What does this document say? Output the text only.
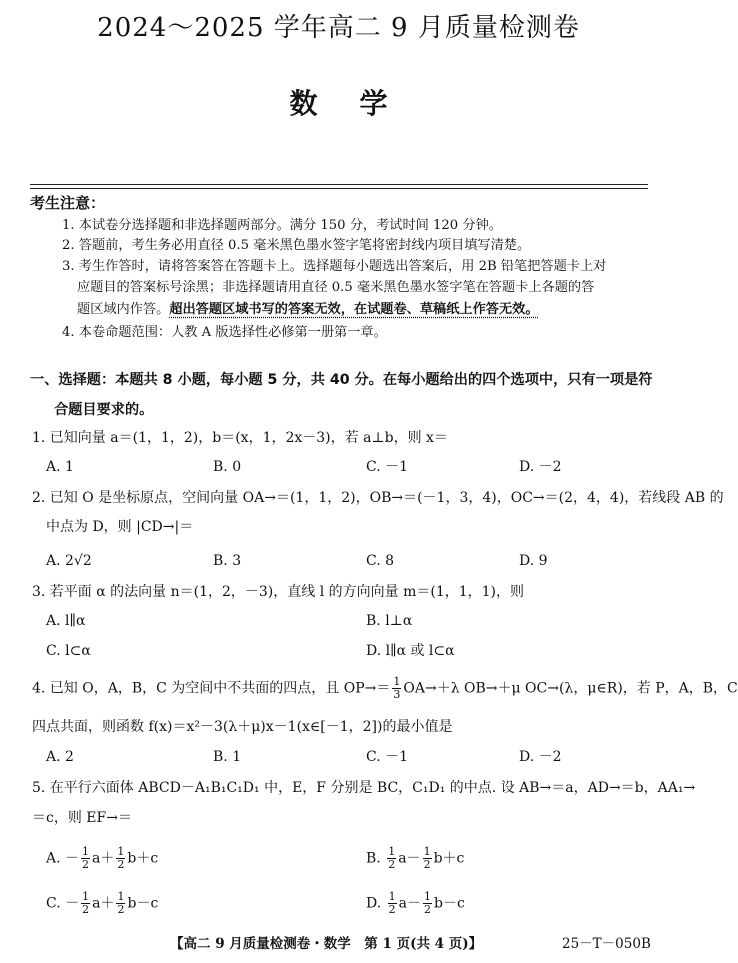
2024～2025 学年高二 9 月质量检测卷
数学
考生注意：
1. 本试卷分选择题和非选择题两部分。满分 150 分，考试时间 120 分钟。
2. 答题前，考生务必用直径 0.5 毫米黑色墨水签字笔将密封线内项目填写清楚。
3. 考生作答时，请将答案答在答题卡上。选择题每小题选出答案后，用 2B 铅笔把答题卡上对
应题目的答案标号涂黑；非选择题请用直径 0.5 毫米黑色墨水签字笔在答题卡上各题的答
题区域内作答。超出答题区域书写的答案无效，在试题卷、草稿纸上作答无效。
4. 本卷命题范围：人教 A 版选择性必修第一册第一章。
一、选择题：本题共 8 小题，每小题 5 分，共 40 分。在每小题给出的四个选项中，只有一项是符
合题目要求的。
1. 已知向量 a＝(1，1，2)，b＝(x，1，2x－3)，若 a⊥b，则 x＝
A. 1	B. 0	C. －1	D. －2
2. 已知 O 是坐标原点，空间向量 OA→＝(1，1，2)，OB→＝(－1，3，4)，OC→＝(2，4，4)，若线段 AB 的
中点为 D，则 |CD→|＝
A. 2√2	B. 3	C. 8	D. 9
3. 若平面 α 的法向量 n＝(1，2，－3)，直线 l 的方向向量 m＝(1，1，1)，则
A. l∥α	B. l⊥α
C. l⊂α	D. l∥α 或 l⊂α
4. 已知 O，A，B，C 为空间中不共面的四点，且 $OP\to= \frac{1}{3} OA\to+\lambda$ OB→＋μ OC→(λ，μ∈R)，若 P，A，B，C
四点共面，则函数 f(x)＝x²－3(λ＋μ)x－1(x∈[－1，2])的最小值是
A. 2	B. 1	C. －1	D. －2
5. 在平行六面体 ABCD－A₁B₁C₁D₁ 中，E，F 分别是 BC，C₁D₁ 的中点. 设 AB→＝a，AD→＝b，AA₁→
＝c，则 EF→＝
A. － $\frac{1}{2} a+ \frac{1}{2} b+c$	B. $\frac{1}{2} a- \frac{1}{2} b+c$
C. － $\frac{1}{2} a+ \frac{1}{2} b-c$	D. $\frac{1}{2} a- \frac{1}{2} b-c$
【高二 9 月质量检测卷・数学　第 1 页(共 4 页)】	25－T－050B
